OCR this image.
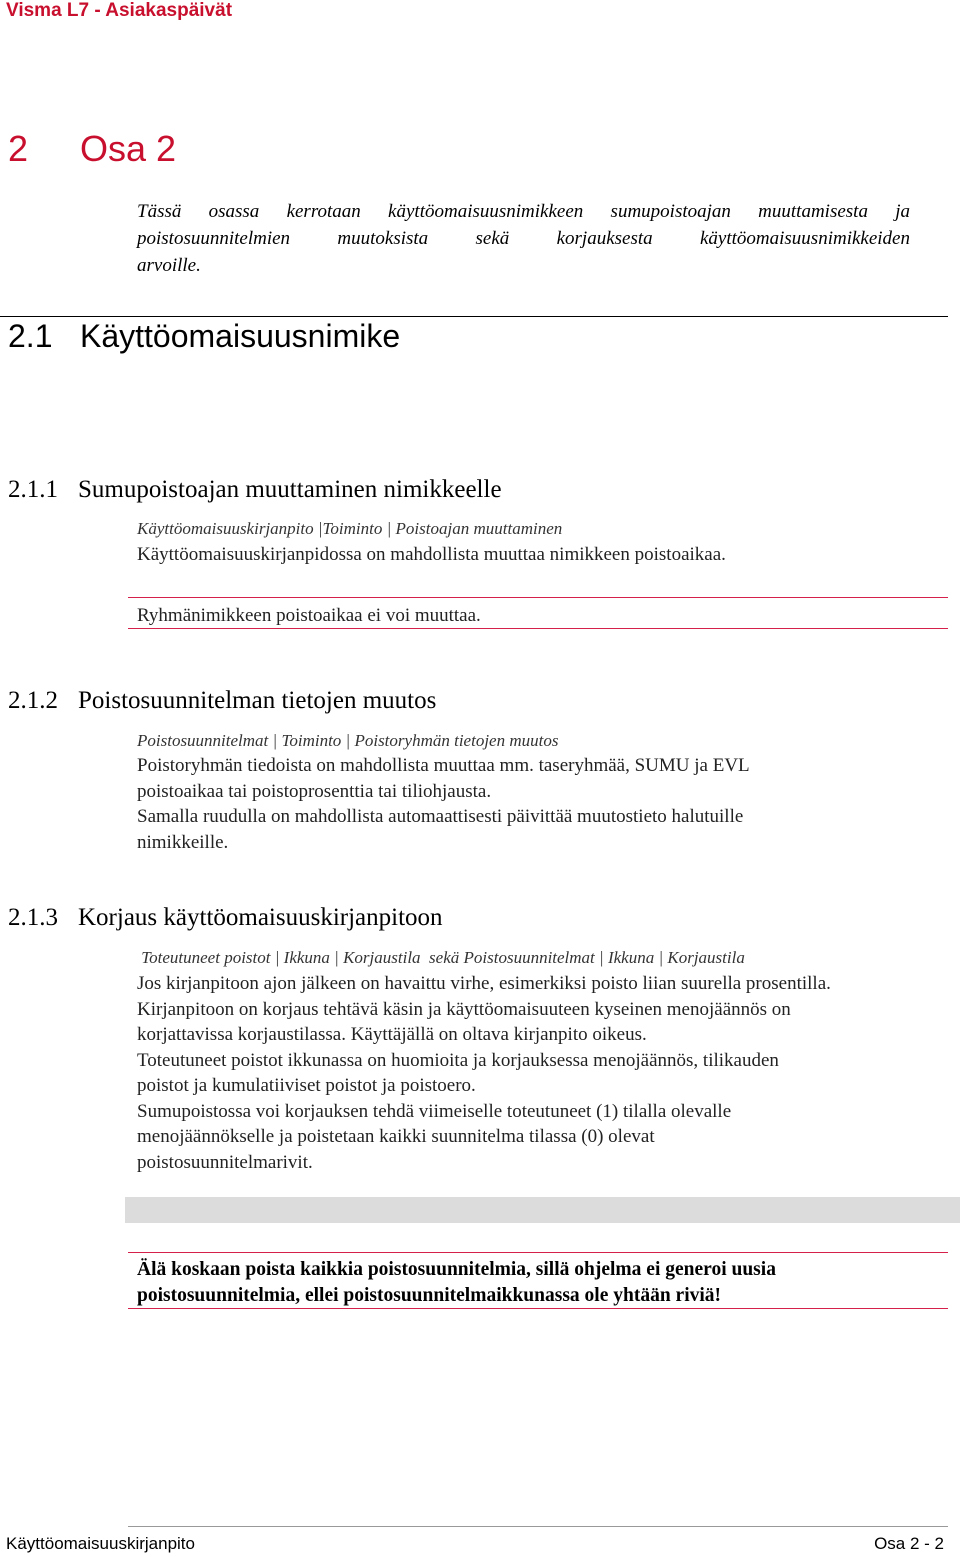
Visma L7 - Asiakaspäivät
2 Osa 2
Tässä osassa kerrotaan käyttöomaisuusnimikkeen sumupoistoajan muuttamisesta ja
poistosuunnitelmien muutoksista sekä korjauksesta käyttöomaisuusnimikkeiden
arvoille.
2.1 Käyttöomaisuusnimike
2.1.1 Sumupoistoajan muuttaminen nimikkeelle
Käyttöomaisuuskirjanpito |Toiminto | Poistoajan muuttaminen
Käyttöomaisuuskirjanpidossa on mahdollista muuttaa nimikkeen poistoaikaa.
Ryhmänimikkeen poistoaikaa ei voi muuttaa.
2.1.2 Poistosuunnitelman tietojen muutos
Poistosuunnitelmat | Toiminto | Poistoryhmän tietojen muutos
Poistoryhmän tiedoista on mahdollista muuttaa mm. taseryhmää, SUMU ja EVL
poistoaikaa tai poistoprosenttia tai tiliohjausta.
Samalla ruudulla on mahdollista automaattisesti päivittää muutostieto halutuille
nimikkeille.
2.1.3 Korjaus käyttöomaisuuskirjanpitoon
Toteutuneet poistot | Ikkuna | Korjaustila  sekä Poistosuunnitelmat | Ikkuna | Korjaustila
Jos kirjanpitoon ajon jälkeen on havaittu virhe, esimerkiksi poisto liian suurella prosentilla.
Kirjanpitoon on korjaus tehtävä käsin ja käyttöomaisuuteen kyseinen menojäännös on
korjattavissa korjaustilassa. Käyttäjällä on oltava kirjanpito oikeus.
Toteutuneet poistot ikkunassa on huomioita ja korjauksessa menojäännös, tilikauden
poistot ja kumulatiiviset poistot ja poistoero.
Sumupoistossa voi korjauksen tehdä viimeiselle toteutuneet (1) tilalla olevalle
menojäännökselle ja poistetaan kaikki suunnitelma tilassa (0) olevat
poistosuunnitelmarivit.
Älä koskaan poista kaikkia poistosuunnitelmia, sillä ohjelma ei generoi uusia
poistosuunnitelmia, ellei poistosuunnitelmaikkunassa ole yhtään riviä!
Käyttöomaisuuskirjanpito	Osa 2 - 2
